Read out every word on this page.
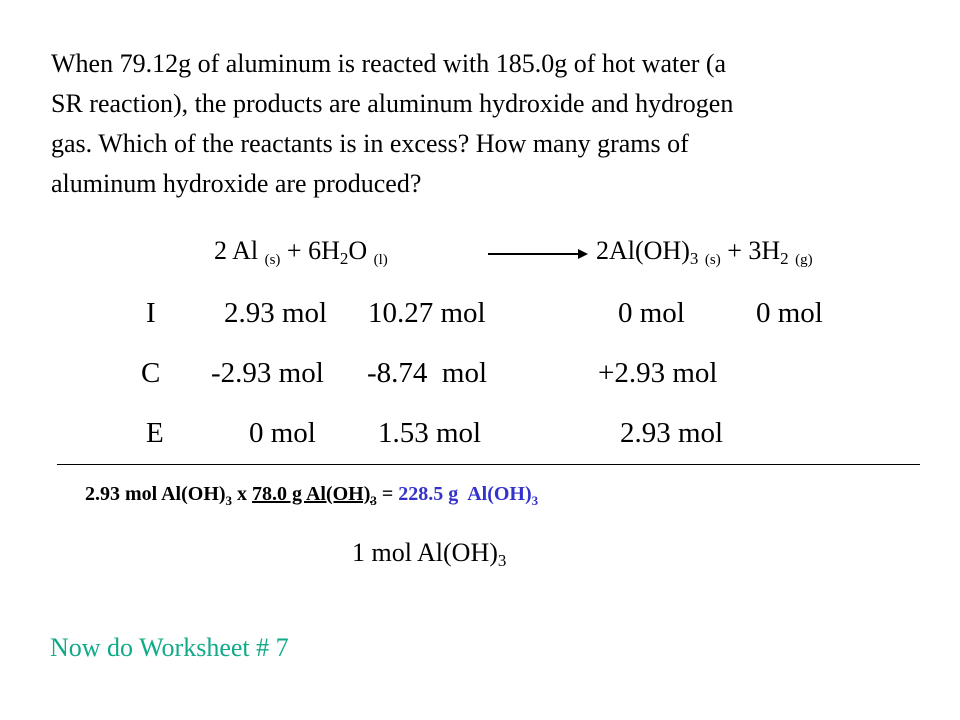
When 79.12g of aluminum is reacted with 185.0g of hot water (a
SR reaction), the products are aluminum hydroxide and hydrogen
gas. Which of the reactants is in excess? How many grams of
aluminum hydroxide are produced?
2 Al $_{(s)} + 6H_2O$ $_{(l)}$	$2Al(OH)_3$ $_{(s)} + 3H_2$ $_{(g)}$
I 2.93 mol 10.27 mol	0 mol 0 mol
C -2.93 mol -8.74  mol	+2.93 mol
E	0 mol 1.53 mol	2.93 mol
2.93 mol $Al(OH)_3$ x 78.0 g $Al(OH)_3 = 228.5$ g  $Al(OH)_3$
1 mol $Al(OH)_3$
Now do Worksheet # 7
